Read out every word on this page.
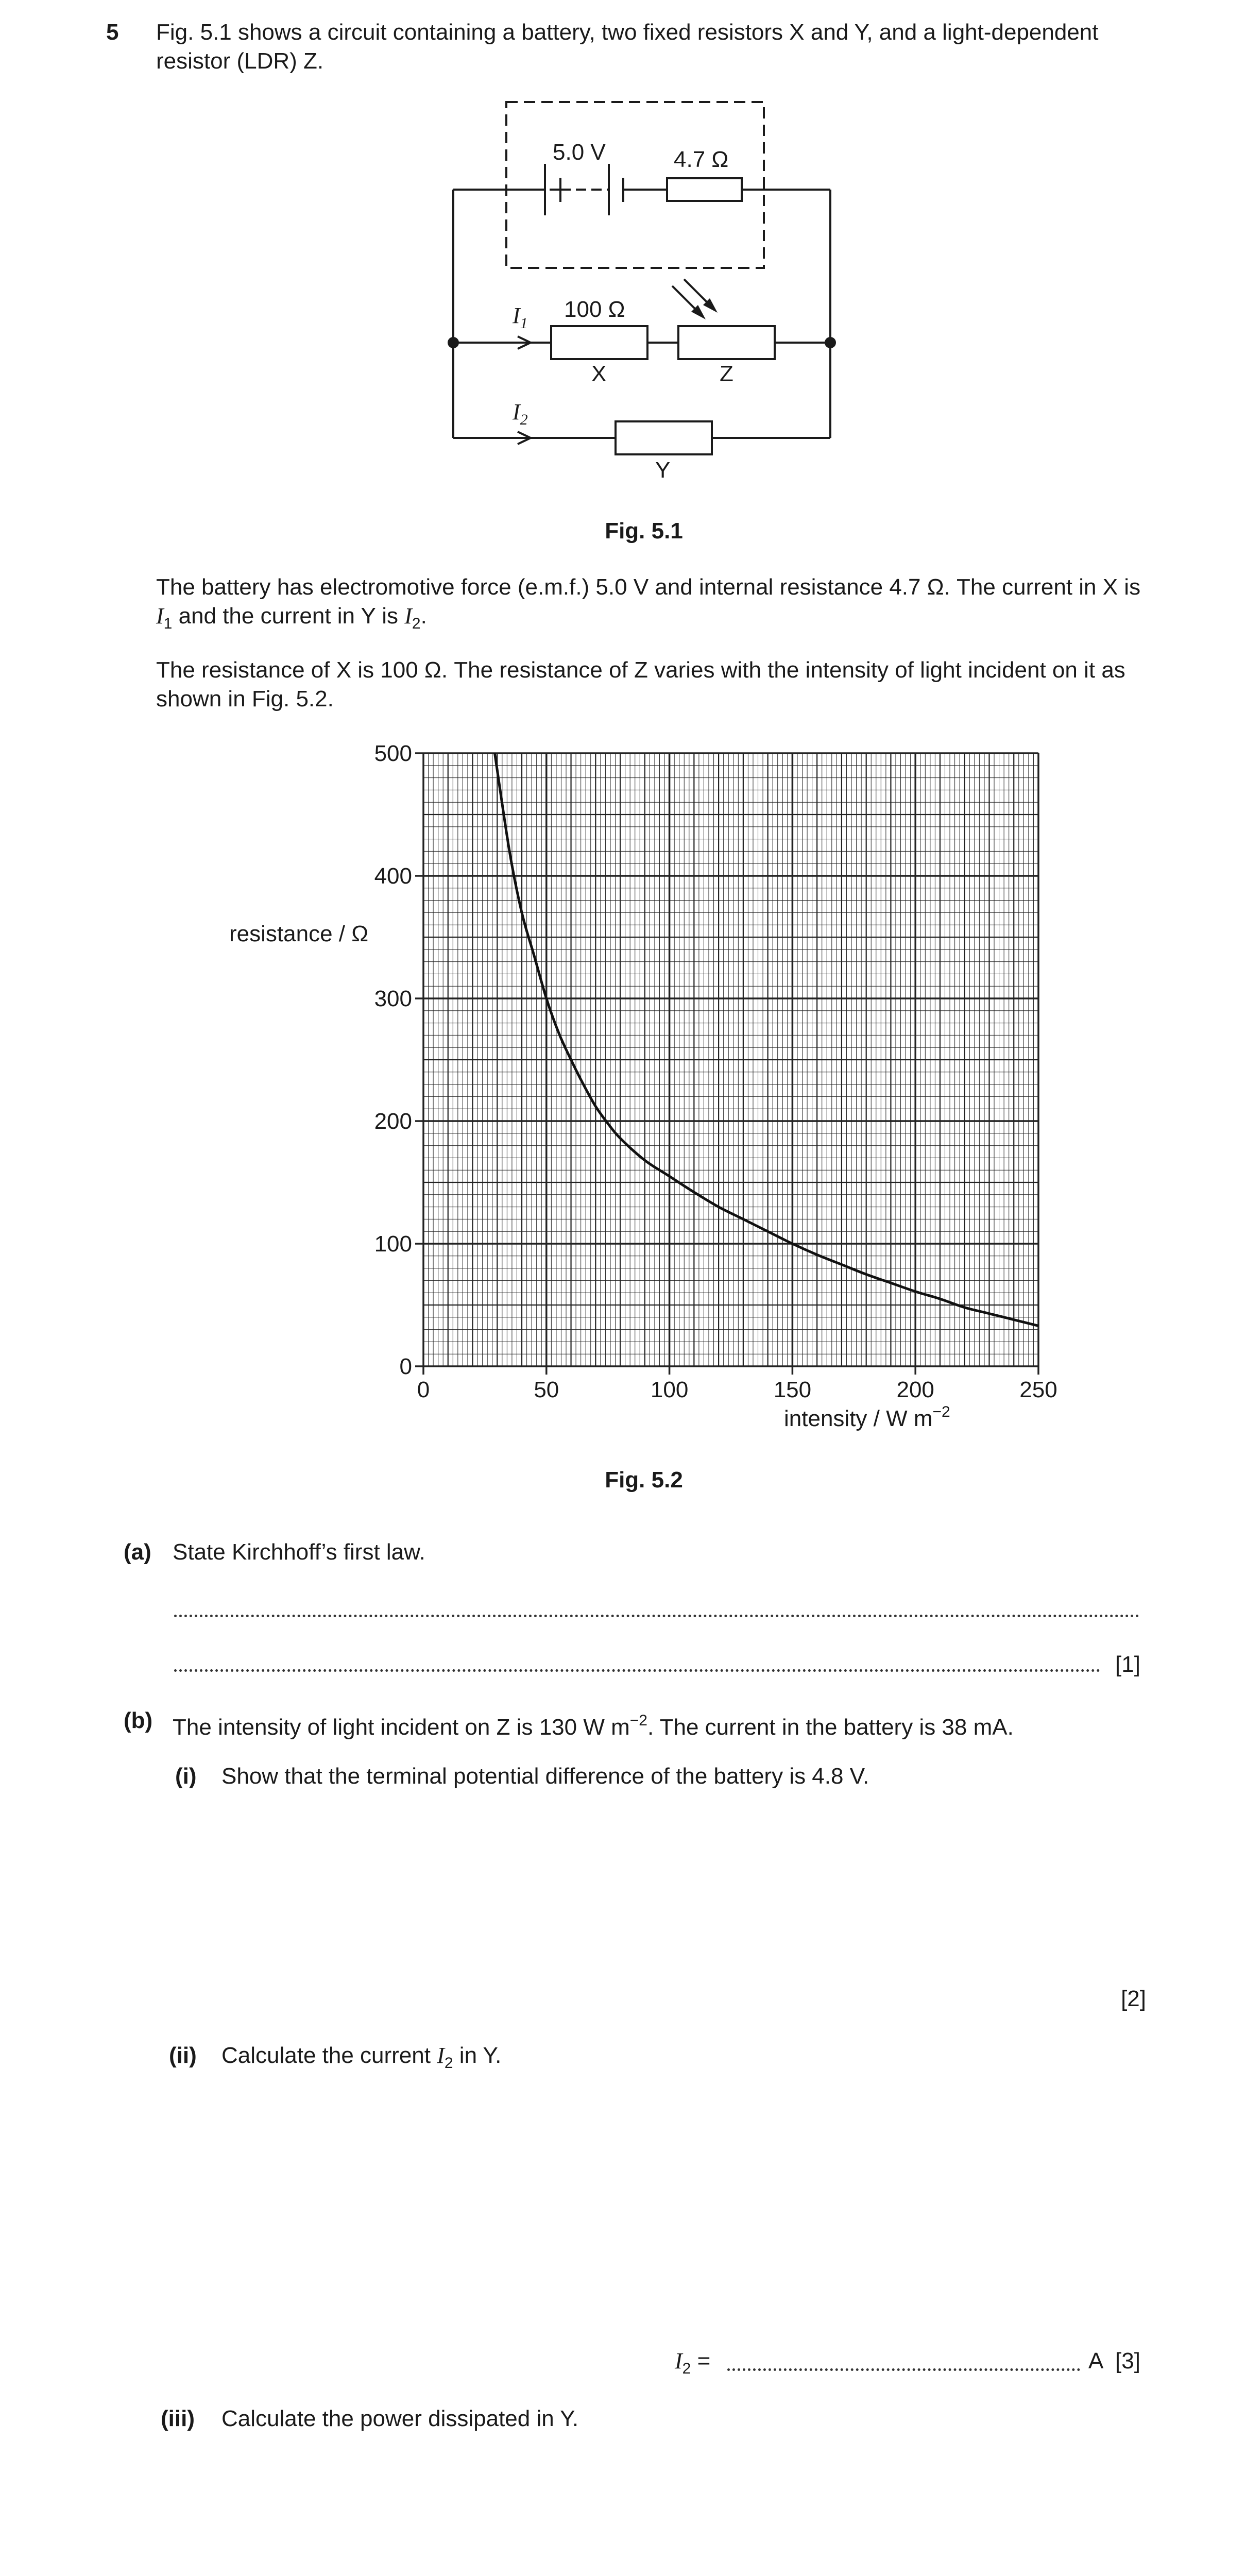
5 Fig. 5.1 shows a circuit containing a battery, two fixed resistors X and Y, and a light-dependent
resistor (LDR) Z.
5.0 V	4.7 Ω
100 Ω
$I_1$
$I_2$
X	Z
Y
Fig. 5.1
The battery has electromotive force (e.m.f.) 5.0 V and internal resistance 4.7 Ω. The current in X is
$I_1$ and the current in Y is $I_2$.
The resistance of X is 100 Ω. The resistance of Z varies with the intensity of light incident on it as
shown in Fig. 5.2.
0	50	100	150	200	250
0
100
200
300
400
500
resistance / Ω
intensity / W $m^{-2}$
Fig. 5.2
(a) State Kirchhoff’s first law.
[1]
(b) The intensity of light incident on Z is 130 W $m^{-2}$. The current in the battery is 38 mA.
(i) Show that the terminal potential difference of the battery is 4.8 V.
[2]
(ii) Calculate the current $I_2$ in Y.
$I_2$ =	A [3]
(iii) Calculate the power dissipated in Y.
